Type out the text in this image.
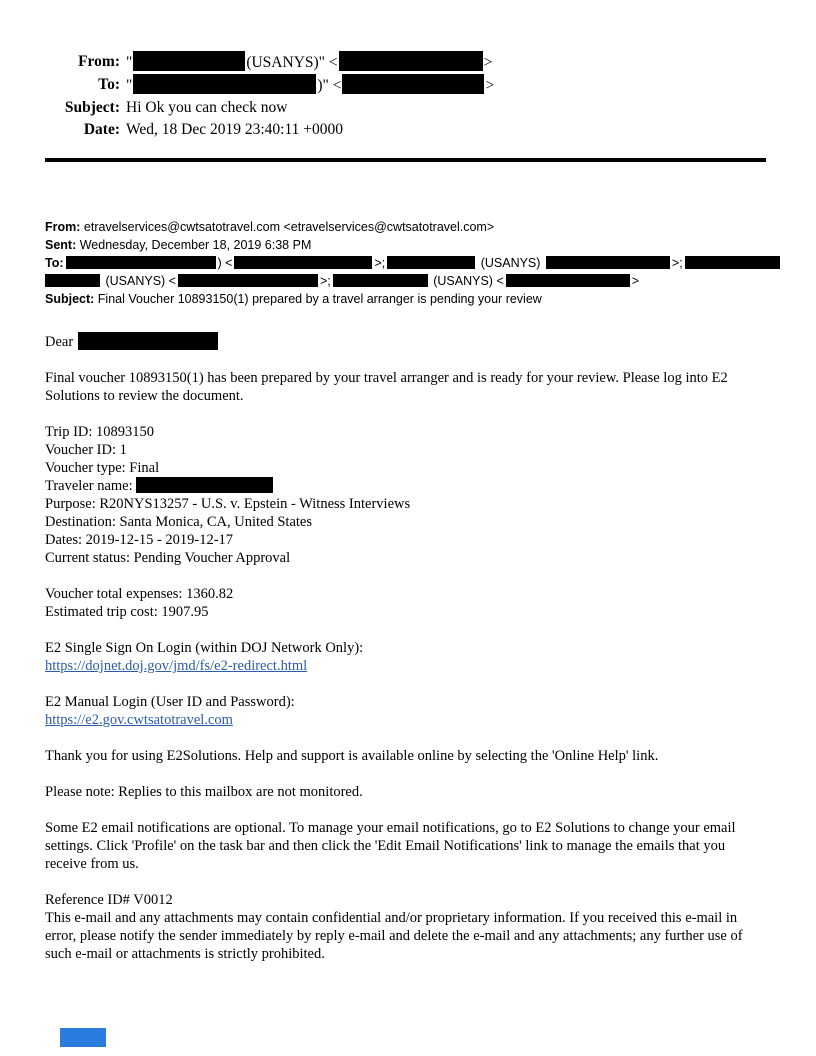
From: "	(USANYS)" <	>
To: "	)" <	>
Subject: Hi Ok you can check now
Date: Wed, 18 Dec 2019 23:40:11 +0000
From: etravelservices@cwtsatotravel.com <etravelservices@cwtsatotravel.com>
Sent: Wednesday, December 18, 2019 6:38 PM
To:	) <	>;	(USANYS)	>;
(USANYS) <	>;	(USANYS) <	>
Subject: Final Voucher 10893150(1) prepared by a travel arranger is pending your review
Dear

Final voucher 10893150(1) has been prepared by your travel arranger and is ready for your review. Please log into E2 Solutions to review the document.

Trip ID: 10893150
Voucher ID: 1
Voucher type: Final
Traveler name:
Purpose: R20NYS13257 - U.S. v. Epstein - Witness Interviews
Destination: Santa Monica, CA, United States
Dates: 2019-12-15 - 2019-12-17
Current status: Pending Voucher Approval
Voucher total expenses: 1360.82
Estimated trip cost: 1907.95
E2 Single Sign On Login (within DOJ Network Only):
https://dojnet.doj.gov/jmd/fs/e2-redirect.html
E2 Manual Login (User ID and Password):
https://e2.gov.cwtsatotravel.com

Thank you for using E2Solutions. Help and support is available online by selecting the 'Online Help' link.

Please note: Replies to this mailbox are not monitored.

Some E2 email notifications are optional. To manage your email notifications, go to E2 Solutions to change your email settings. Click 'Profile' on the task bar and then click the 'Edit Email Notifications' link to manage the emails that you receive from us.

Reference ID# V0012
This e-mail and any attachments may contain confidential and/or proprietary information. If you received this e-mail in error, please notify the sender immediately by reply e-mail and delete the e-mail and any attachments; any further use of such e-mail or attachments is strictly prohibited.
